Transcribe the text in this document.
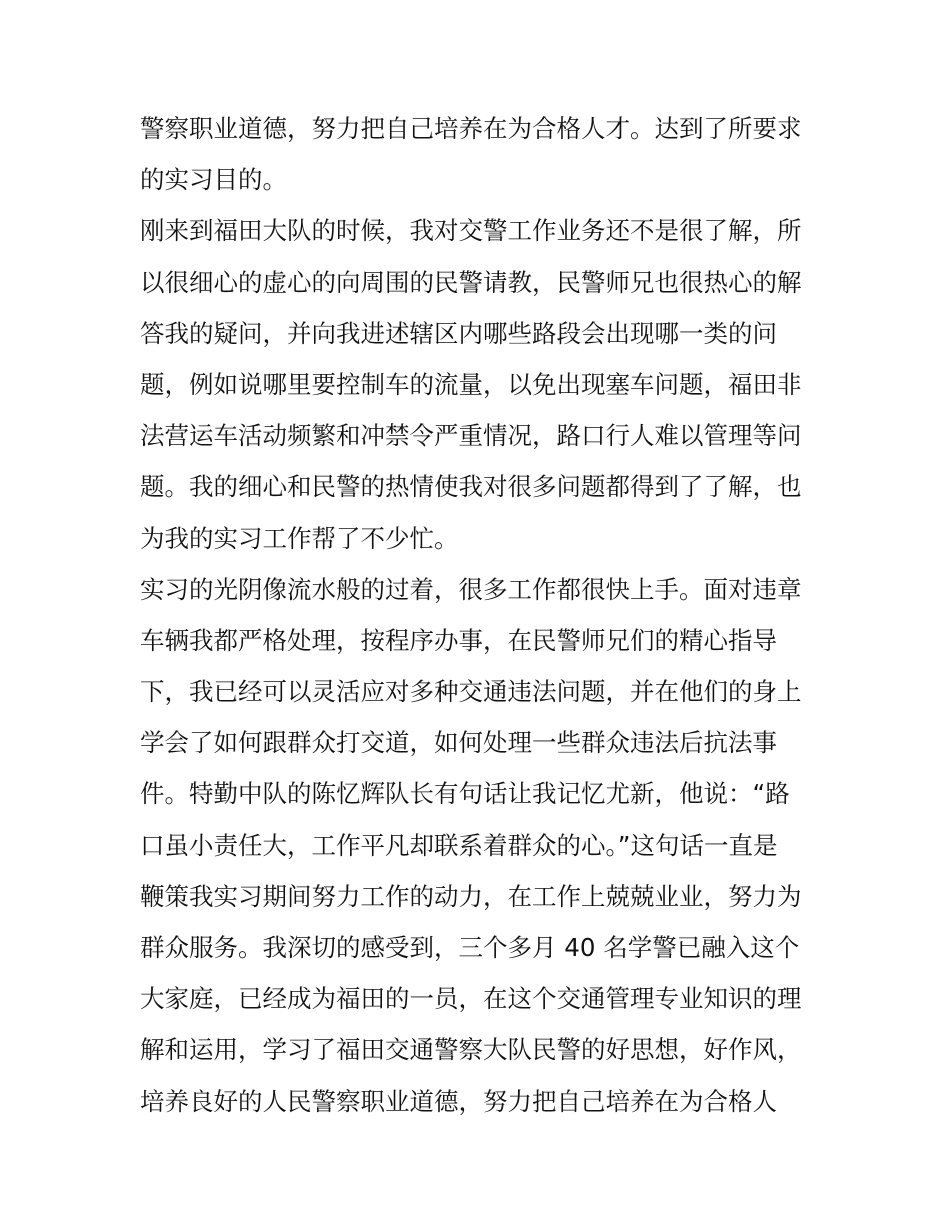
警察职业道德，努力把自己培养在为合格人才。达到了所要求
的实习目的。
刚来到福田大队的时候，我对交警工作业务还不是很了解，所
以很细心的虚心的向周围的民警请教，民警师兄也很热心的解
答我的疑问，并向我进述辖区内哪些路段会出现哪一类的问
题，例如说哪里要控制车的流量，以免出现塞车问题，福田非
法营运车活动频繁和冲禁令严重情况，路口行人难以管理等问
题。我的细心和民警的热情使我对很多问题都得到了了解，也
为我的实习工作帮了不少忙。
实习的光阴像流水般的过着，很多工作都很快上手。面对违章
车辆我都严格处理，按程序办事，在民警师兄们的精心指导
下，我已经可以灵活应对多种交通违法问题，并在他们的身上
学会了如何跟群众打交道，如何处理一些群众违法后抗法事
件。特勤中队的陈忆辉队长有句话让我记忆尤新，他说：“路
口虽小责任大，工作平凡却联系着群众的心。”这句话一直是
鞭策我实习期间努力工作的动力，在工作上兢兢业业，努力为
群众服务。我深切的感受到，三个多月 40 名学警已融入这个
大家庭，已经成为福田的一员，在这个交通管理专业知识的理
解和运用，学习了福田交通警察大队民警的好思想，好作风，
培养良好的人民警察职业道德，努力把自己培养在为合格人
